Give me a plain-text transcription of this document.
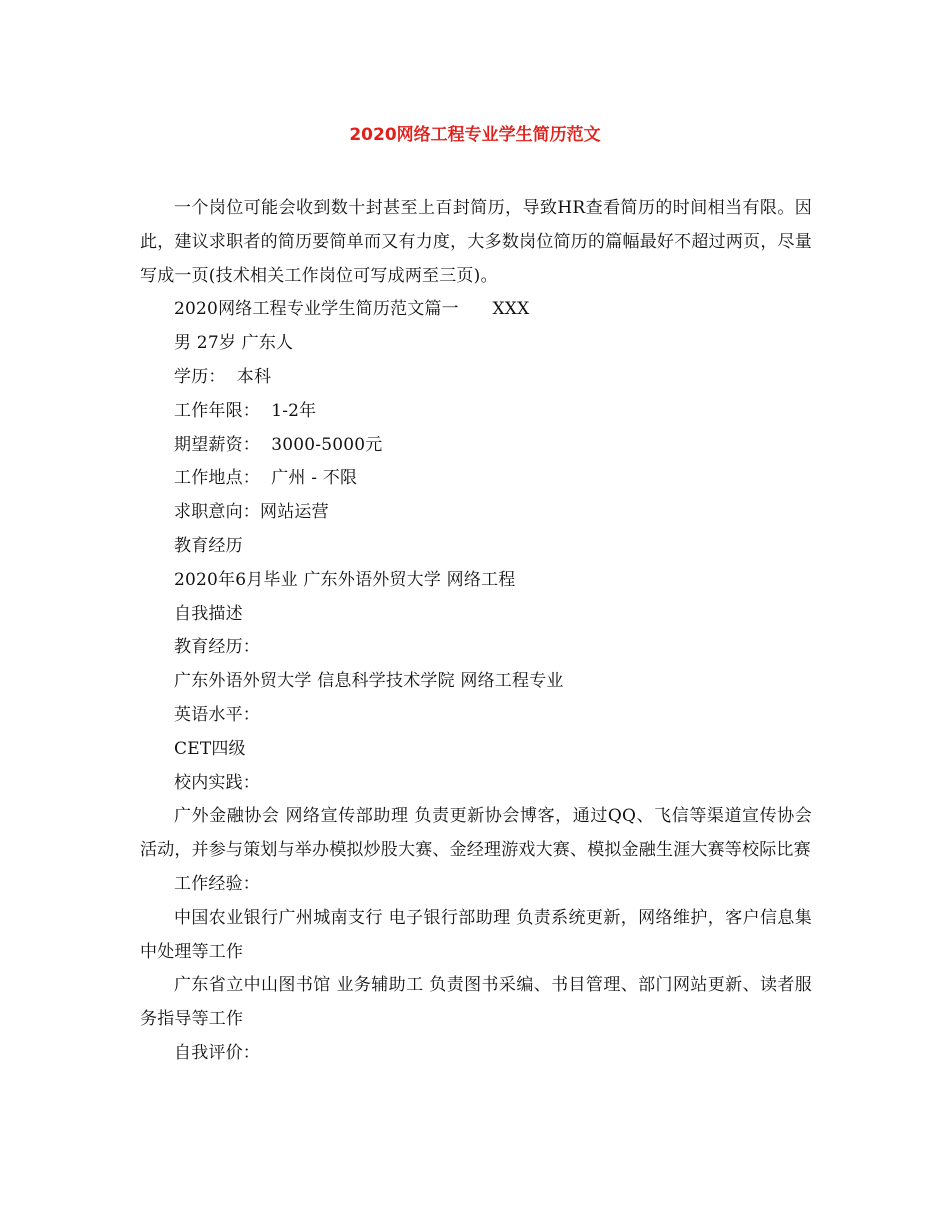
2020网络工程专业学生简历范文

一个岗位可能会收到数十封甚至上百封简历，导致HR查看简历的时间相当有限。因此，建议求职者的简历要简单而又有力度，大多数岗位简历的篇幅最好不超过两页，尽量写成一页(技术相关工作岗位可写成两至三页)。

2020网络工程专业学生简历范文篇一      XXX

男 27岁 广东人

学历：  本科

工作年限：  1-2年

期望薪资：  3000-5000元

工作地点：  广州 - 不限

求职意向：网站运营

教育经历

2020年6月毕业 广东外语外贸大学 网络工程

自我描述

教育经历：

广东外语外贸大学 信息科学技术学院 网络工程专业

英语水平：

CET四级

校内实践：

广外金融协会 网络宣传部助理 负责更新协会博客，通过QQ、飞信等渠道宣传协会活动，并参与策划与举办模拟炒股大赛、金经理游戏大赛、模拟金融生涯大赛等校际比赛

工作经验：

中国农业银行广州城南支行 电子银行部助理 负责系统更新，网络维护，客户信息集中处理等工作

广东省立中山图书馆 业务辅助工 负责图书采编、书目管理、部门网站更新、读者服务指导等工作

自我评价：
